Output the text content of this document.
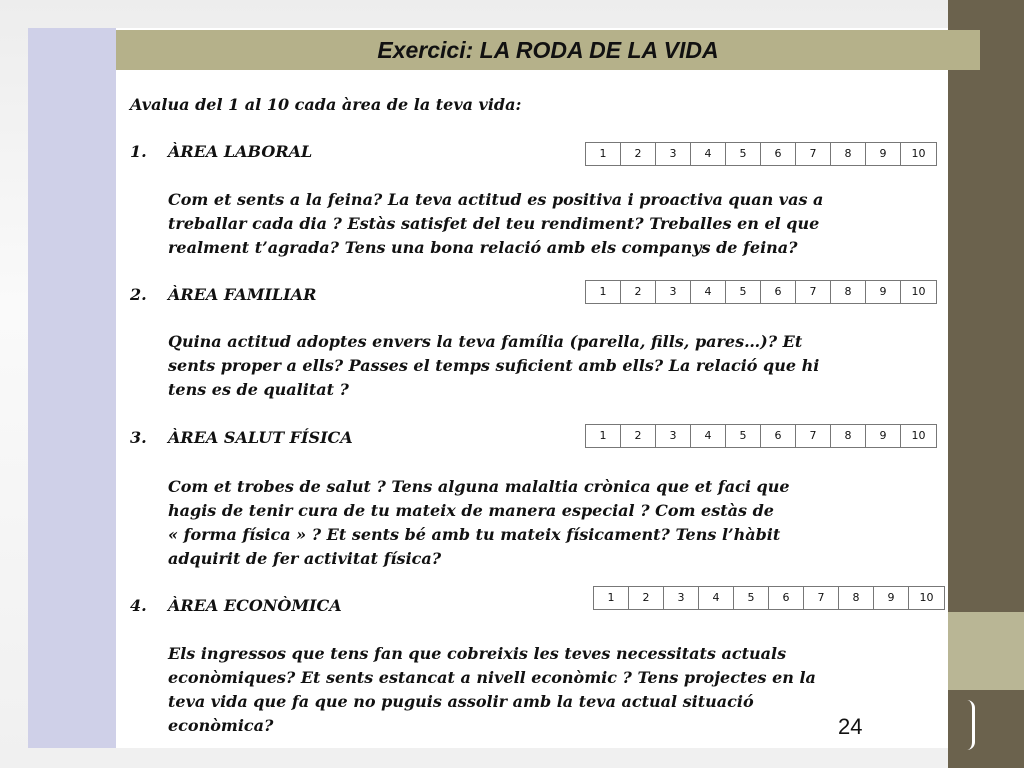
Exercici: LA RODA DE LA VIDA

Avalua del 1 al 10 cada àrea de la teva vida:

1. ÀREA LABORAL	1	2	3	4	5	6	7	8	9	10

Com et sents a la feina? La teva actitud es positiva i proactiva quan vas a

treballar cada dia ? Estàs satisfet del teu rendiment? Treballes en el que

realment t’agrada? Tens una bona relació amb els companys de feina?

2. ÀREA FAMILIAR	1	2	3	4	5	6	7	8	9	10

Quina actitud adoptes envers la teva família (parella, fills, pares…)? Et

sents proper a ells? Passes el temps suficient amb ells? La relació que hi

tens es de qualitat ?

3. ÀREA SALUT FÍSICA	1	2	3	4	5	6	7	8	9	10

Com et trobes de salut ? Tens alguna malaltia crònica que et faci que

hagis de tenir cura de tu mateix de manera especial ? Com estàs de

« forma física » ? Et sents bé amb tu mateix físicament? Tens l’hàbit

adquirit de fer activitat física?

4. ÀREA ECONÒMICA	1	2	3	4	5	6	7	8	9	10

Els ingressos que tens fan que cobreixis les teves necessitats actuals

econòmiques? Et sents estancat a nivell econòmic ? Tens projectes en la

teva vida que fa que no puguis assolir amb la teva actual situació

econòmica?	24
